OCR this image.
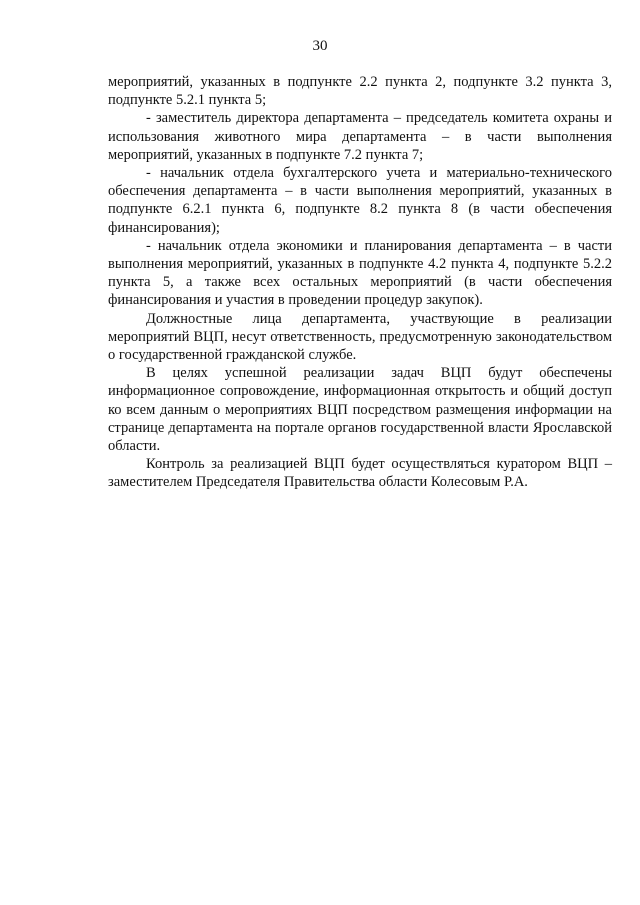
30

мероприятий, указанных в подпункте 2.2 пункта 2, подпункте 3.2 пункта 3, подпункте 5.2.1 пункта 5;

- заместитель директора департамента – председатель комитета охраны и использования животного мира департамента – в части выполнения мероприятий, указанных в подпункте 7.2 пункта 7;

- начальник отдела бухгалтерского учета и материально-технического обеспечения департамента – в части выполнения мероприятий, указанных в подпункте 6.2.1 пункта 6, подпункте 8.2 пункта 8 (в части обеспечения финансирования);

- начальник отдела экономики и планирования департамента – в части выполнения мероприятий, указанных в подпункте 4.2 пункта 4, подпункте 5.2.2 пункта 5, а также всех остальных мероприятий (в части обеспечения финансирования и участия в проведении процедур закупок).

Должностные лица департамента, участвующие в реализации мероприятий ВЦП, несут ответственность, предусмотренную законодательством о государственной гражданской службе.

В целях успешной реализации задач ВЦП будут обеспечены информационное сопровождение, информационная открытость и общий доступ ко всем данным о мероприятиях ВЦП посредством размещения информации на странице департамента на портале органов государственной власти Ярославской области.

Контроль за реализацией ВЦП будет осуществляться куратором ВЦП – заместителем Председателя Правительства области Колесовым Р.А.
